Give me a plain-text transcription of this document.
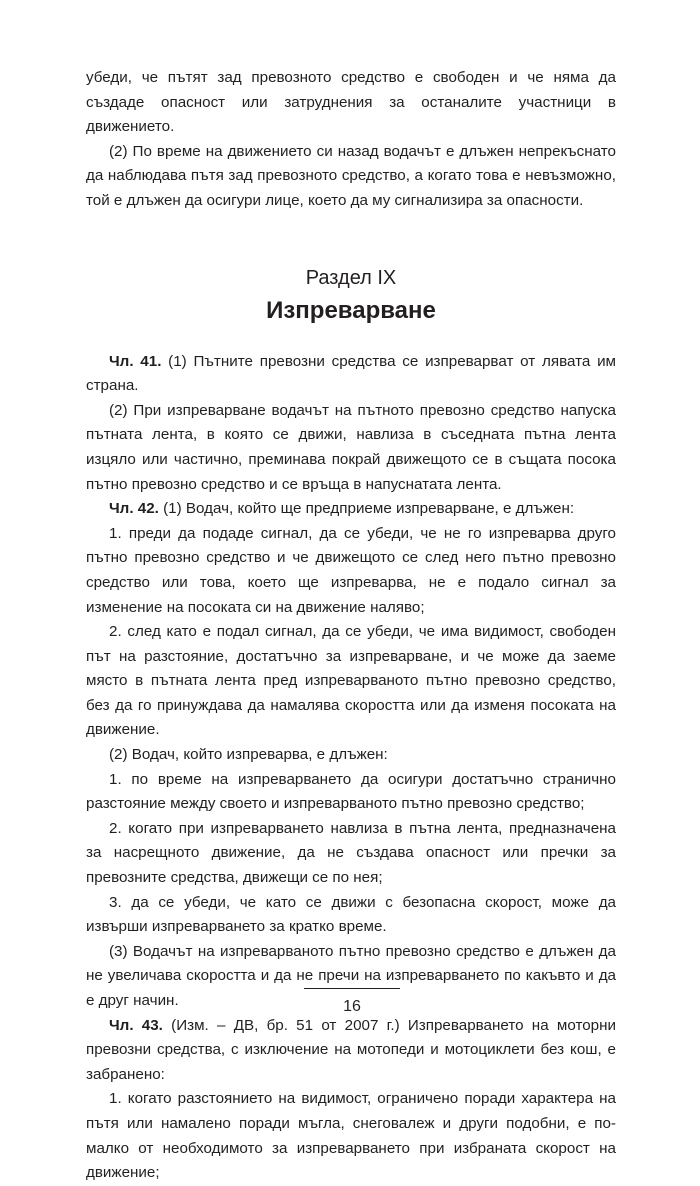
убеди, че пътят зад превозното средство е свободен и че няма да създаде опасност или затруднения за останалите участници в движението.

(2) По време на движението си назад водачът е длъжен непрекъснато да наблюдава пътя зад превозното средство, а когато това е невъзможно, той е длъжен да осигури лице, което да му сигнализира за опасности.

Раздел IX
Изпреварване

Чл. 41. (1) Пътните превозни средства се изпреварват от лявата им страна.

(2) При изпреварване водачът на пътното превозно средство напуска пътната лента, в която се движи, навлиза в съседната пътна лента изцяло или частично, преминава покрай движещото се в същата посока пътно превозно средство и се връща в напуснатата лента.

Чл. 42. (1) Водач, който ще предприеме изпреварване, е длъжен:

1. преди да подаде сигнал, да се убеди, че не го изпреварва друго пътно превозно средство и че движещото се след него пътно превозно средство или това, което ще изпреварва, не е подало сигнал за изменение на посоката си на движение наляво;

2. след като е подал сигнал, да се убеди, че има видимост, свободен път на разстояние, достатъчно за изпреварване, и че може да заеме място в пътната лента пред изпреварваното пътно превозно средство, без да го принуждава да намалява скоростта или да изменя посоката на движение.

(2) Водач, който изпреварва, е длъжен:

1. по време на изпреварването да осигури достатъчно странично разстояние между своето и изпреварваното пътно превозно средство;

2. когато при изпреварването навлиза в пътна лента, предназначена за насрещното движение, да не създава опасност или пречки за превозните средства, движещи се по нея;

3. да се убеди, че като се движи с безопасна скорост, може да извърши изпреварването за кратко време.

(3) Водачът на изпреварваното пътно превозно средство е длъжен да не увеличава скоростта и да не пречи на изпреварването по какъвто и да е друг начин.

Чл. 43. (Изм. – ДВ, бр. 51 от 2007 г.) Изпреварването на моторни превозни средства, с изключение на мотопеди и мотоциклети без кош, е забранено:

1. когато разстоянието на видимост, ограничено поради характера на пътя или намалено поради мъгла, снеговалеж и други подобни, е по-малко от необходимото за изпреварването при избраната скорост на движение;

16
